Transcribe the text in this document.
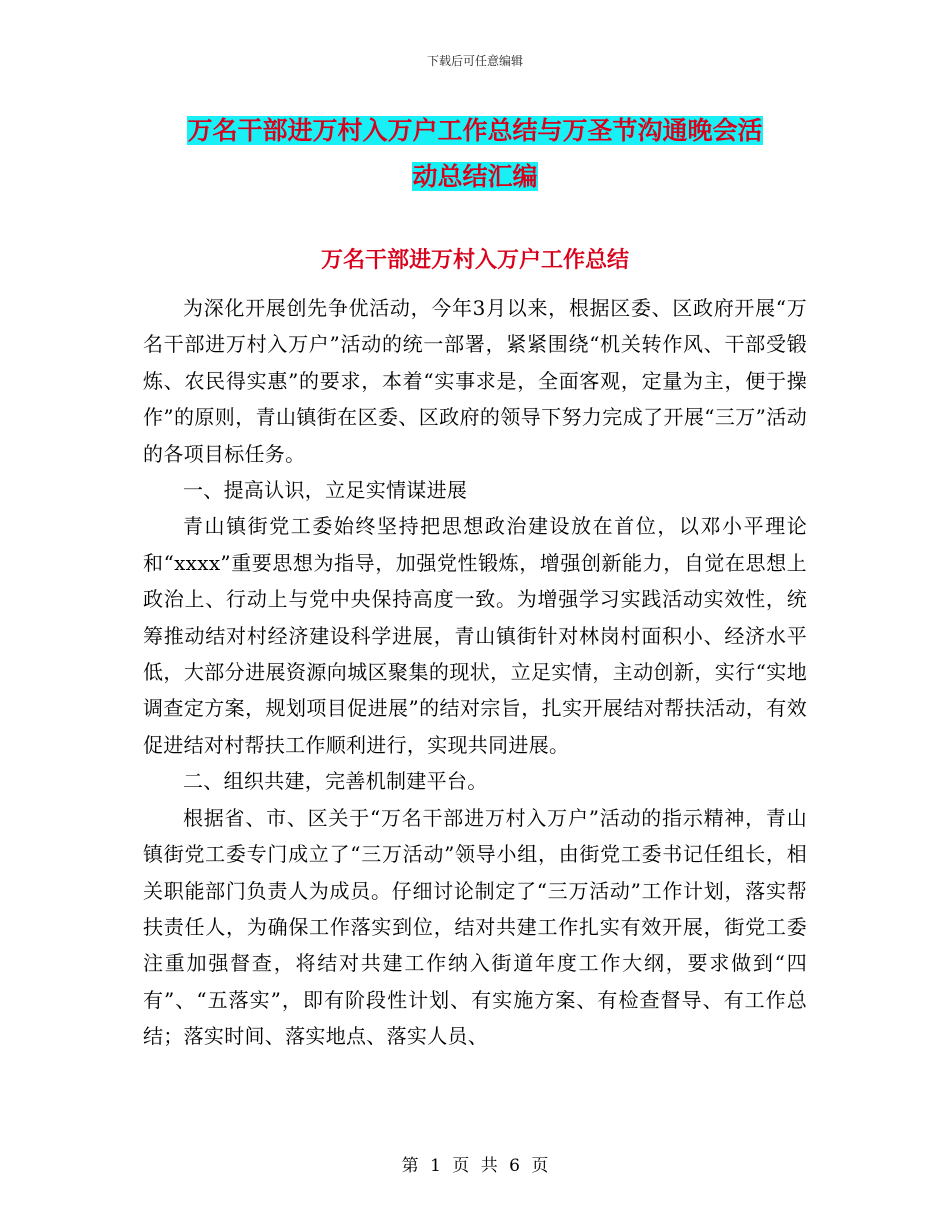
下载后可任意编辑
万名干部进万村入万户工作总结与万圣节沟通晚会活
动总结汇编
万名干部进万村入万户工作总结

为深化开展创先争优活动，今年3月以来，根据区委、区政府开展“万名干部进万村入万户”活动的统一部署，紧紧围绕“机关转作风、干部受锻炼、农民得实惠”的要求，本着“实事求是，全面客观，定量为主，便于操作”的原则，青山镇街在区委、区政府的领导下努力完成了开展“三万”活动的各项目标任务。

一、提高认识，立足实情谋进展

青山镇街党工委始终坚持把思想政治建设放在首位，以邓小平理论和“xxxx”重要思想为指导，加强党性锻炼，增强创新能力，自觉在思想上政治上、行动上与党中央保持高度一致。为增强学习实践活动实效性，统筹推动结对村经济建设科学进展，青山镇街针对林岗村面积小、经济水平低，大部分进展资源向城区聚集的现状，立足实情，主动创新，实行“实地调查定方案，规划项目促进展”的结对宗旨，扎实开展结对帮扶活动，有效促进结对村帮扶工作顺利进行，实现共同进展。

二、组织共建，完善机制建平台。

根据省、市、区关于“万名干部进万村入万户”活动的指示精神，青山镇街党工委专门成立了“三万活动”领导小组，由街党工委书记任组长，相关职能部门负责人为成员。仔细讨论制定了“三万活动”工作计划，落实帮扶责任人，为确保工作落实到位，结对共建工作扎实有效开展，街党工委注重加强督查，将结对共建工作纳入街道年度工作大纲，要求做到“四有”、“五落实”，即有阶段性计划、有实施方案、有检查督导、有工作总结；落实时间、落实地点、落实人员、

第 1 页 共 6 页
